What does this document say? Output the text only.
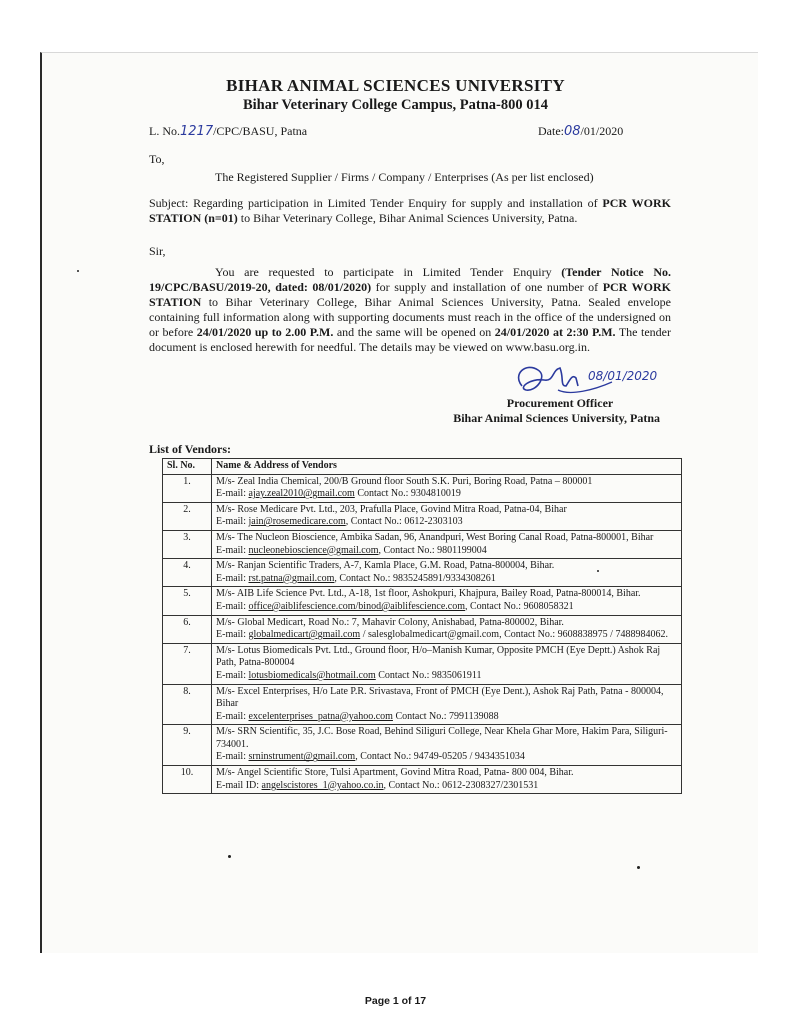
BIHAR ANIMAL SCIENCES UNIVERSITY
Bihar Veterinary College Campus, Patna-800 014
L. No.1217/CPC/BASU, Patna	Date:08/01/2020
To,
The Registered Supplier / Firms / Company / Enterprises (As per list enclosed)
Subject: Regarding participation in Limited Tender Enquiry for supply and installation of PCR WORK STATION (n=01) to Bihar Veterinary College, Bihar Animal Sciences University, Patna.
Sir,
You are requested to participate in Limited Tender Enquiry (Tender Notice No. 19/CPC/BASU/2019-20, dated: 08/01/2020) for supply and installation of one number of PCR WORK STATION to Bihar Veterinary College, Bihar Animal Sciences University, Patna. Sealed envelope containing full information along with supporting documents must reach in the office of the undersigned on or before 24/01/2020 up to 2.00 P.M. and the same will be opened on 24/01/2020 at 2:30 P.M. The tender document is enclosed herewith for needful. The details may be viewed on www.basu.org.in.
08/01/2020
Procurement Officer
Bihar Animal Sciences University, Patna
List of Vendors:
Sl. No.	Name & Address of Vendors
1.	M/s- Zeal India Chemical, 200/B Ground floor South S.K. Puri, Boring Road, Patna – 800001
E-mail: ajay.zeal2010@gmail.com Contact No.: 9304810019

2.	M/s- Rose Medicare Pvt. Ltd., 203, Prafulla Place, Govind Mitra Road, Patna-04, Bihar
E-mail: jain@rosemedicare.com, Contact No.: 0612-2303103

3.	M/s- The Nucleon Bioscience, Ambika Sadan, 96, Anandpuri, West Boring Canal Road, Patna-800001, Bihar
E-mail: nucleonebioscience@gmail.com, Contact No.: 9801199004

4.	M/s- Ranjan Scientific Traders, A-7, Kamla Place, G.M. Road, Patna-800004, Bihar.
E-mail: rst.patna@gmail.com, Contact No.: 9835245891/9334308261

5.	M/s- AIB Life Science Pvt. Ltd., A-18, 1st floor, Ashokpuri, Khajpura, Bailey Road, Patna-800014, Bihar.
E-mail: office@aiblifescience.com/binod@aiblifescience.com, Contact No.: 9608058321

6.	M/s- Global Medicart, Road No.: 7, Mahavir Colony, Anishabad, Patna-800002, Bihar.
E-mail: globalmedicart@gmail.com / salesglobalmedicart@gmail.com, Contact No.: 9608838975 / 7488984062.

7.	M/s- Lotus Biomedicals Pvt. Ltd., Ground floor, H/o–Manish Kumar, Opposite PMCH (Eye Deptt.) Ashok Raj Path, Patna-800004
E-mail: lotusbiomedicals@hotmail.com Contact No.: 9835061911

8.	M/s- Excel Enterprises, H/o Late P.R. Srivastava, Front of PMCH (Eye Dent.), Ashok Raj Path, Patna - 800004, Bihar
E-mail: excelenterprises_patna@yahoo.com Contact No.: 7991139088

9.	M/s- SRN Scientific, 35, J.C. Bose Road, Behind Siliguri College, Near Khela Ghar More, Hakim Para, Siliguri- 734001.
E-mail: srninstrument@gmail.com, Contact No.: 94749-05205 / 9434351034

10.	M/s- Angel Scientific Store, Tulsi Apartment, Govind Mitra Road, Patna- 800 004, Bihar.
E-mail ID: angelscistores_1@yahoo.co.in, Contact No.: 0612-2308327/2301531
Page 1 of 17
